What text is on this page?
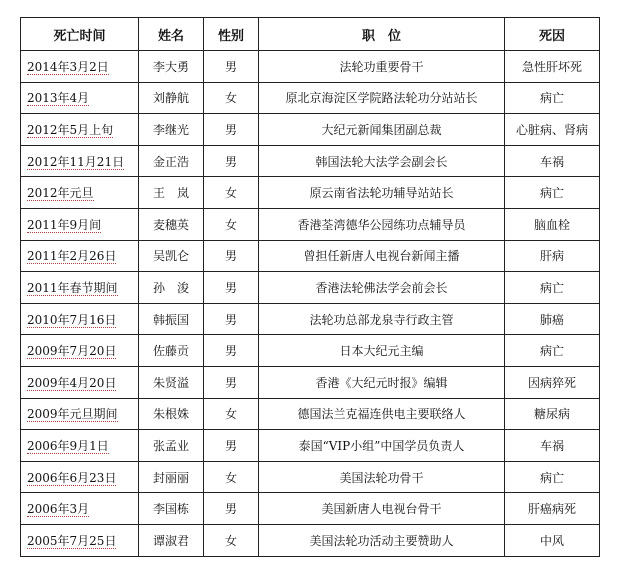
死亡时间	姓名	性别	职　位	死因
2014年3月2日	李大勇	男	法轮功重要骨干	急性肝坏死
2013年4月	刘静航	女	原北京海淀区学院路法轮功分站站长	病亡
2012年5月上旬	李继光	男	大纪元新闻集团副总裁	心脏病、肾病
2012年11月21日	金正浩	男	韩国法轮大法学会副会长	车祸
2012年元旦	王　岚	女	原云南省法轮功辅导站站长	病亡
2011年9月间	麦穗英	女	香港荃湾德华公园练功点辅导员	脑血栓
2011年2月26日	吴凯仑	男	曾担任新唐人电视台新闻主播	肝病
2011年春节期间	孙　浚	男	香港法轮佛法学会前会长	病亡
2010年7月16日	韩振国	男	法轮功总部龙泉寺行政主管	肺癌
2009年7月20日	佐藤贡	男	日本大纪元主编	病亡
2009年4月20日	朱贤溢	男	香港《大纪元时报》编辑	因病猝死
2009年元旦期间	朱根姝	女	德国法兰克福连供电主要联络人	糖尿病
2006年9月1日	张孟业	男	泰国“VIP小组”中国学员负责人	车祸
2006年6月23日	封丽丽	女	美国法轮功骨干	病亡
2006年3月	李国栋	男	美国新唐人电视台骨干	肝癌病死
2005年7月25日	谭淑君	女	美国法轮功活动主要赞助人	中风
